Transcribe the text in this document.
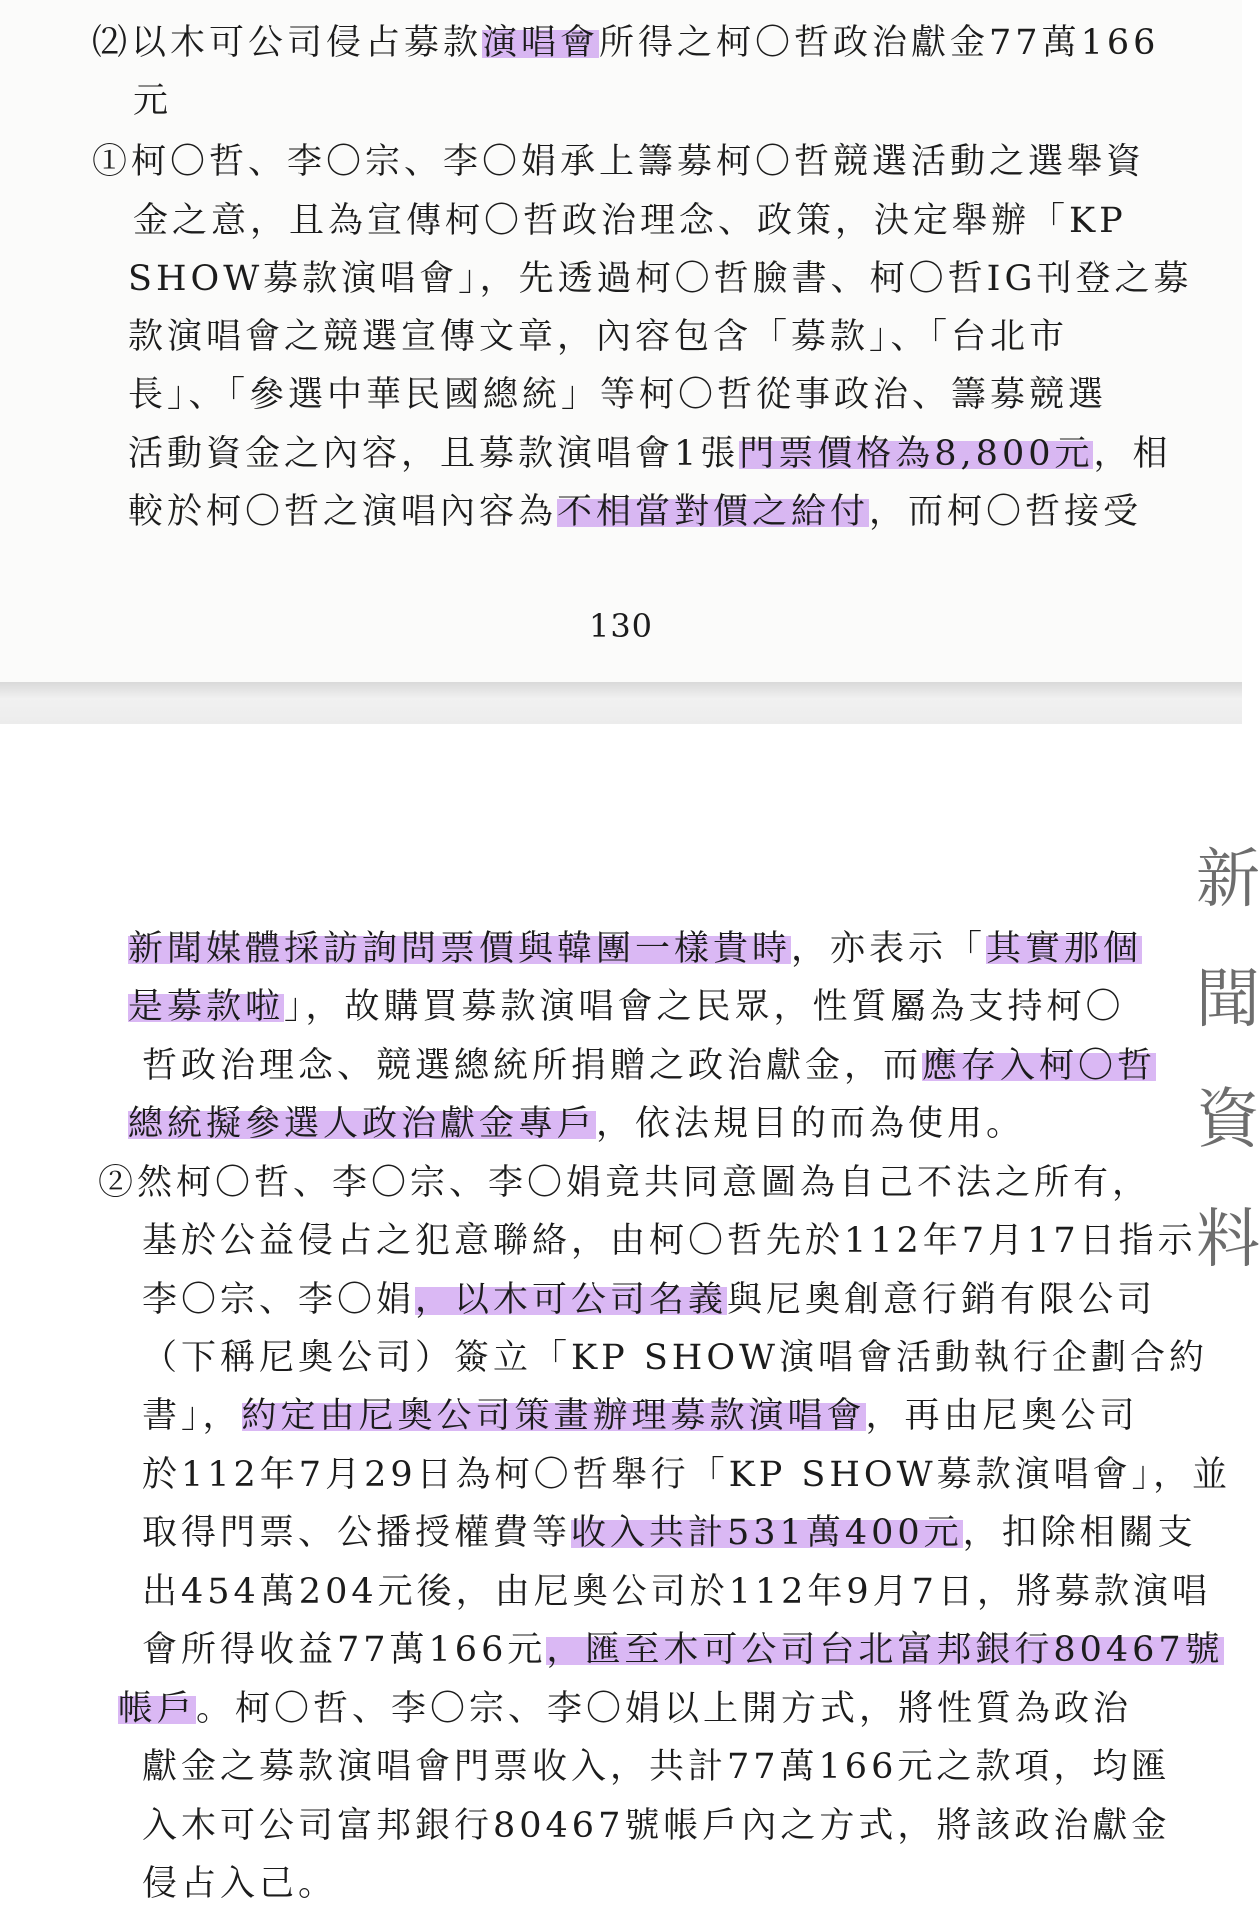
⑵以木可公司侵占募款演唱會所得之柯〇哲政治獻金77萬166

元

①柯〇哲、李〇宗、李〇娟承上籌募柯〇哲競選活動之選舉資

金之意，且為宣傳柯〇哲政治理念、政策，決定舉辦「KP

SHOW募款演唱會」，先透過柯〇哲臉書、柯〇哲IG刊登之募

款演唱會之競選宣傳文章，內容包含「募款」、「台北市

長」、「參選中華民國總統」等柯〇哲從事政治、籌募競選

活動資金之內容，且募款演唱會1張門票價格為8,800元，相

較於柯〇哲之演唱內容為不相當對價之給付，而柯〇哲接受

130

新聞媒體採訪詢問票價與韓團一樣貴時，亦表示「其實那個

是募款啦」，故購買募款演唱會之民眾，性質屬為支持柯〇

哲政治理念、競選總統所捐贈之政治獻金，而應存入柯〇哲

總統擬參選人政治獻金專戶，依法規目的而為使用。

②然柯〇哲、李〇宗、李〇娟竟共同意圖為自己不法之所有，

基於公益侵占之犯意聯絡，由柯〇哲先於112年7月17日指示

李〇宗、李〇娟，以木可公司名義與尼奧創意行銷有限公司

（下稱尼奧公司）簽立「KP SHOW演唱會活動執行企劃合約

書」，約定由尼奧公司策畫辦理募款演唱會，再由尼奧公司

於112年7月29日為柯〇哲舉行「KP SHOW募款演唱會」，並

取得門票、公播授權費等收入共計531萬400元，扣除相關支

出454萬204元後，由尼奧公司於112年9月7日，將募款演唱

會所得收益77萬166元，匯至木可公司台北富邦銀行80467號

帳戶。柯〇哲、李〇宗、李〇娟以上開方式，將性質為政治

獻金之募款演唱會門票收入，共計77萬166元之款項，均匯

入木可公司富邦銀行80467號帳戶內之方式，將該政治獻金

侵占入己。

新
聞
資
料
